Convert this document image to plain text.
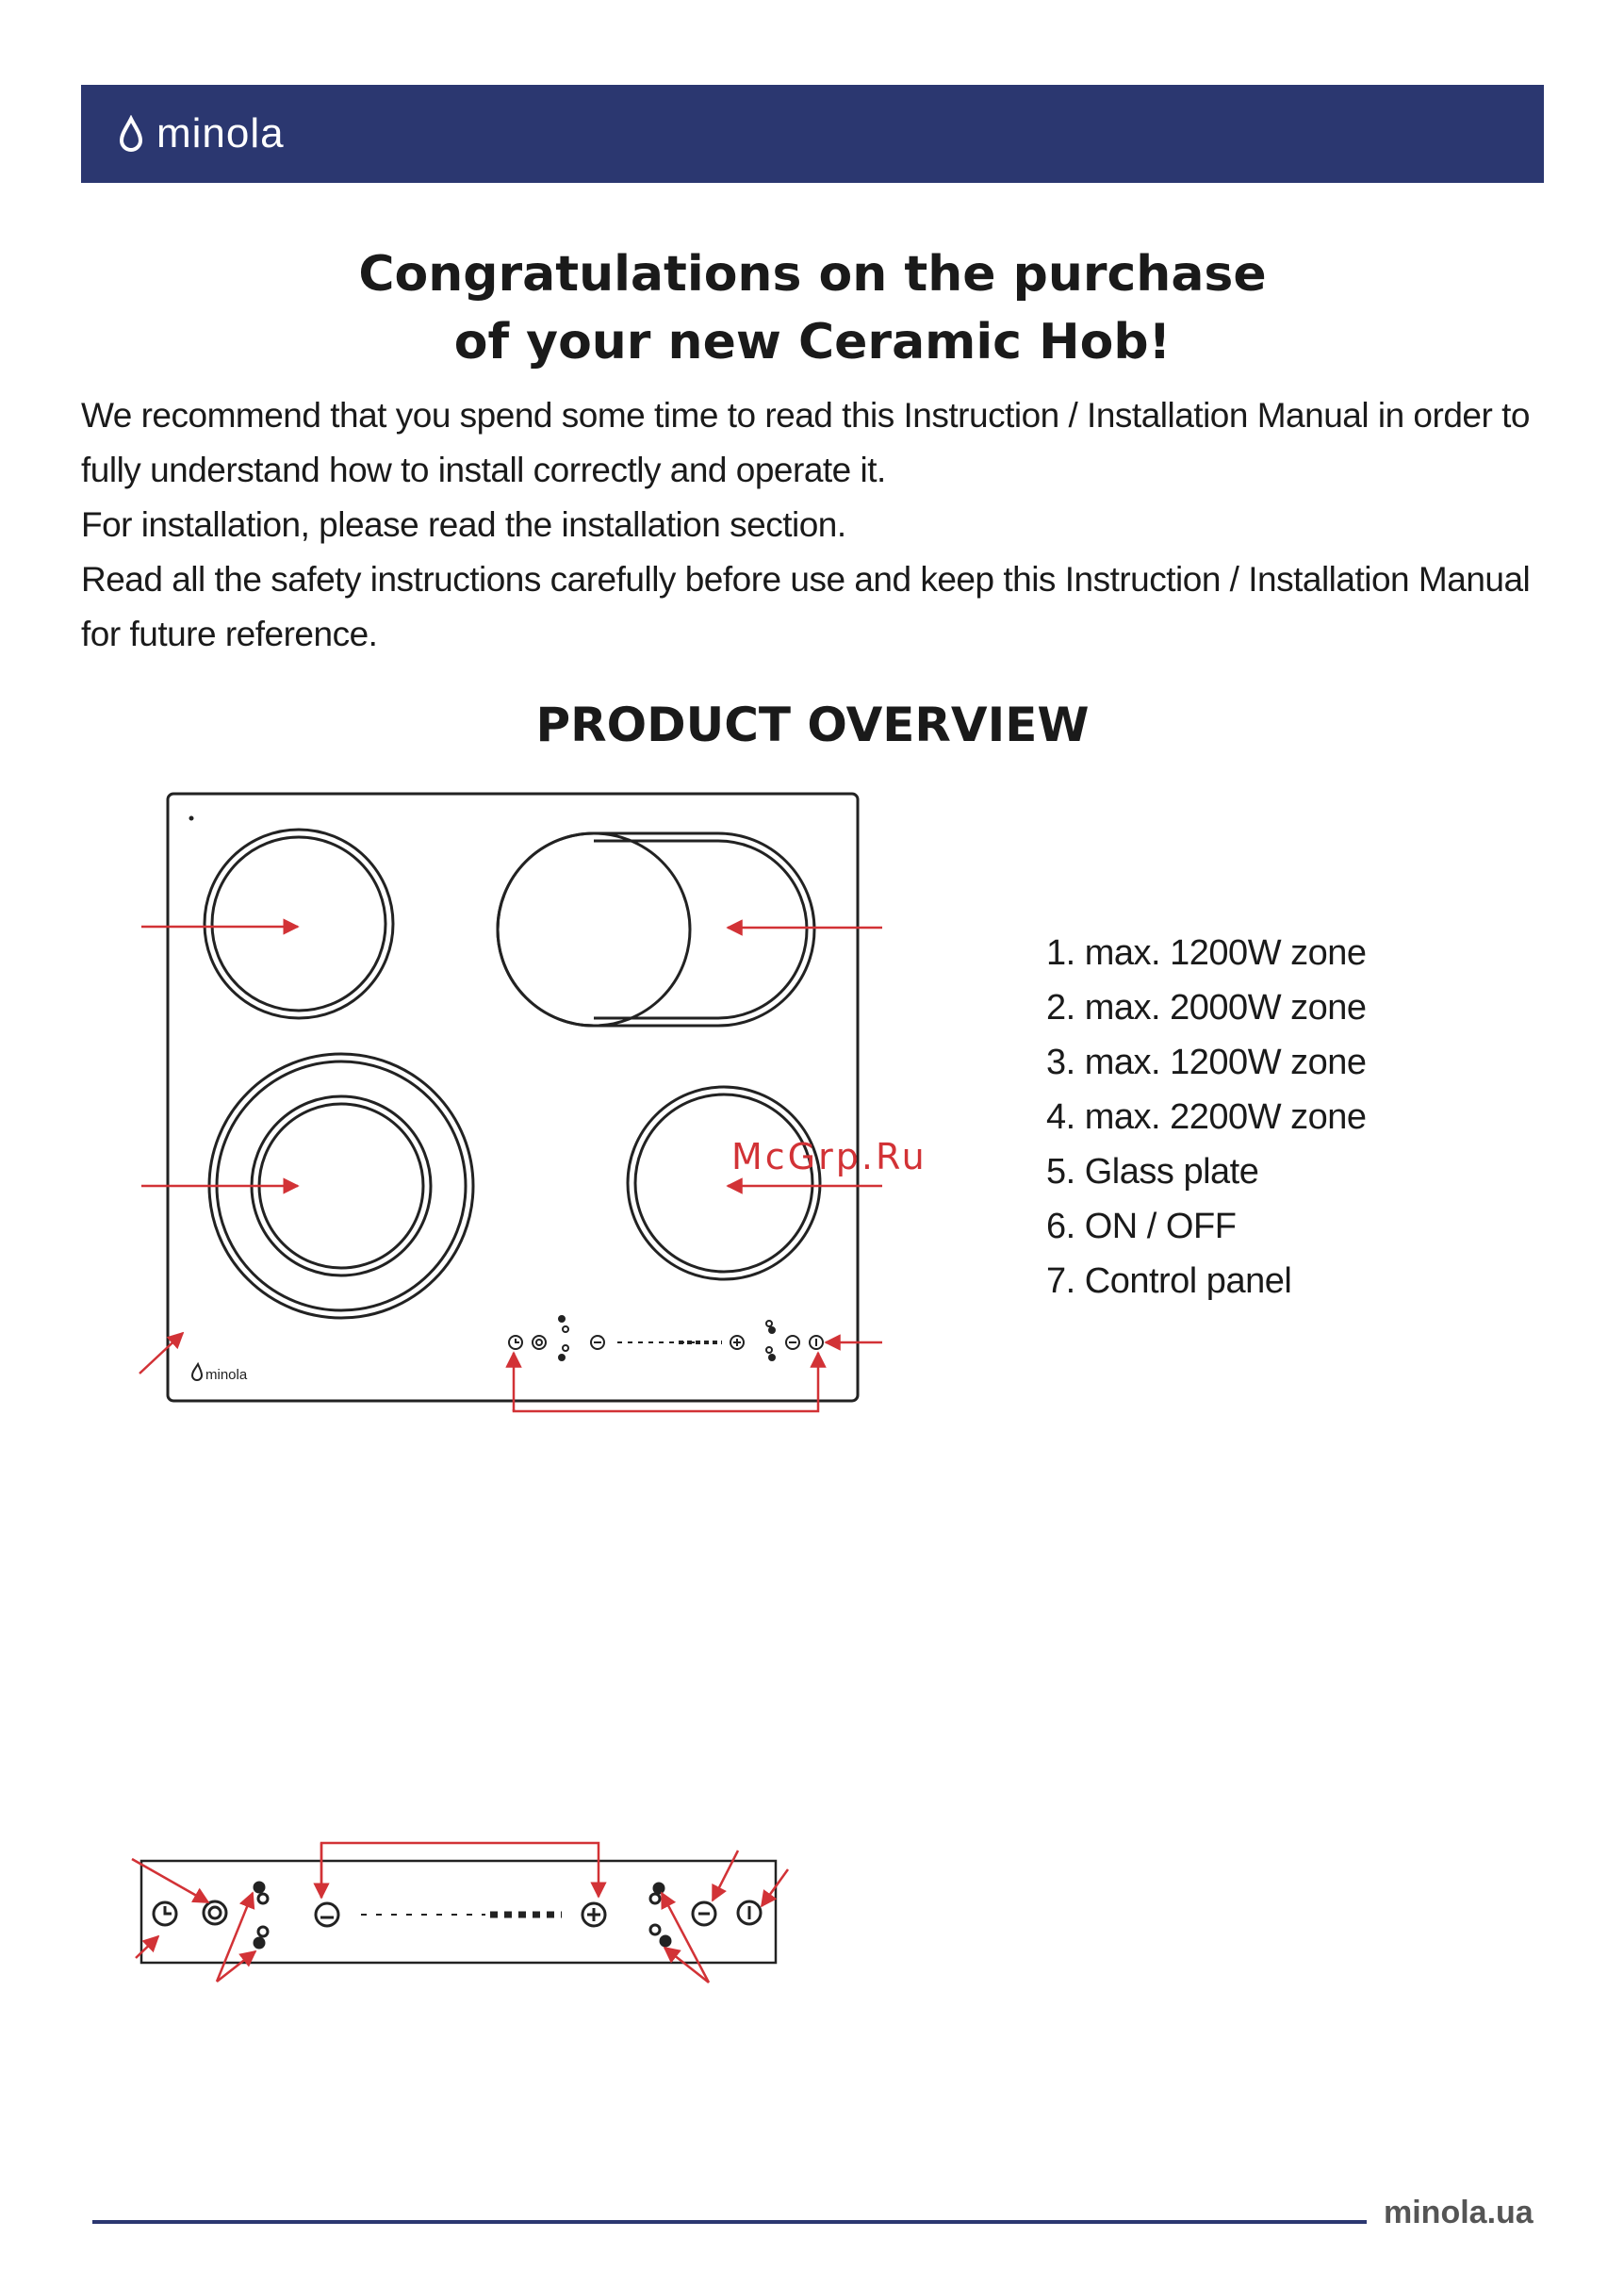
minola
Congratulations on the purchase
of your new Ceramic Hob!

We recommend that you spend some time to read this Instruction / Installation Manual in order to fully understand how to install correctly and operate it.

For installation, please read the installation section.

Read all the safety instructions carefully before use and keep this Instruction / Installation Manual for future reference.

PRODUCT OVERVIEW
minola
McGrp.Ru
1. max. 1200W zone
2. max. 2000W zone
3. max. 1200W zone
4. max. 2200W zone
5. Glass plate
6. ON / OFF
7. Control panel
minola.ua
